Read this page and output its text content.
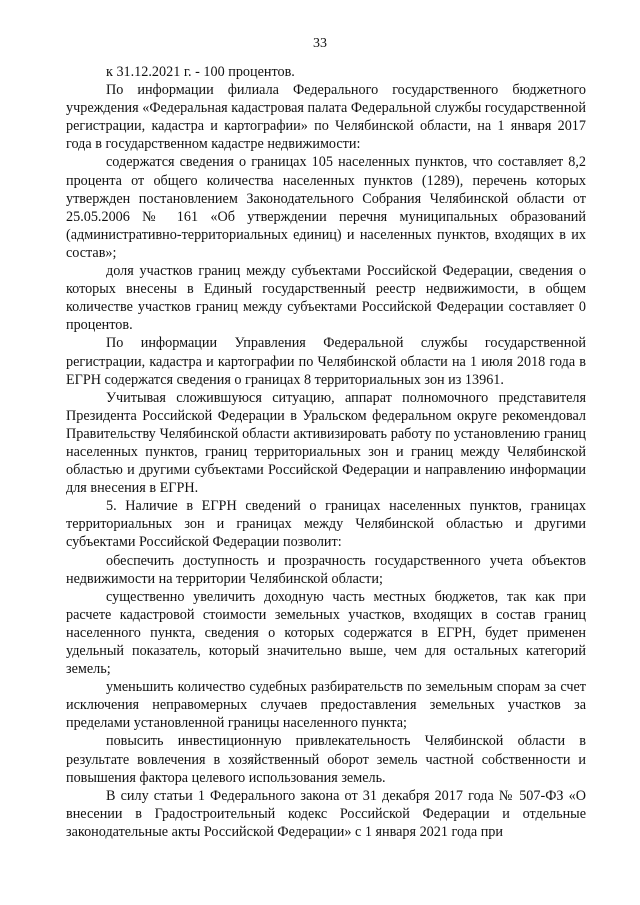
33

к 31.12.2021 г. - 100 процентов.

По информации филиала Федерального государственного бюджетного учреждения «Федеральная кадастровая палата Федеральной службы государственной регистрации, кадастра и картографии» по Челябинской области, на 1 января 2017 года в государственном кадастре недвижимости:

содержатся сведения о границах 105 населенных пунктов, что составляет 8,2 процента от общего количества населенных пунктов (1289), перечень которых утвержден постановлением Законодательного Собрания Челябинской области от 25.05.2006 № 161 «Об утверждении перечня муниципальных образований (административно-территориальных единиц) и населенных пунктов, входящих в их состав»;

доля участков границ между субъектами Российской Федерации, сведения о которых внесены в Единый государственный реестр недвижимости, в общем количестве участков границ между субъектами Российской Федерации составляет 0 процентов.

По информации Управления Федеральной службы государственной регистрации, кадастра и картографии по Челябинской области на 1 июля 2018 года в ЕГРН содержатся сведения о границах 8 территориальных зон из 13961.

Учитывая сложившуюся ситуацию, аппарат полномочного представителя Президента Российской Федерации в Уральском федеральном округе рекомендовал Правительству Челябинской области активизировать работу по установлению границ населенных пунктов, границ территориальных зон и границ между Челябинской областью и другими субъектами Российской Федерации и направлению информации для внесения в ЕГРН.

5. Наличие в ЕГРН сведений о границах населенных пунктов, границах территориальных зон и границах между Челябинской областью и другими субъектами Российской Федерации позволит:

обеспечить доступность и прозрачность государственного учета объектов недвижимости на территории Челябинской области;

существенно увеличить доходную часть местных бюджетов, так как при расчете кадастровой стоимости земельных участков, входящих в состав границ населенного пункта, сведения о которых содержатся в ЕГРН, будет применен удельный показатель, который значительно выше, чем для остальных категорий земель;

уменьшить количество судебных разбирательств по земельным спорам за счет исключения неправомерных случаев предоставления земельных участков за пределами установленной границы населенного пункта;

повысить инвестиционную привлекательность Челябинской области в результате вовлечения в хозяйственный оборот земель частной собственности и повышения фактора целевого использования земель.

В силу статьи 1 Федерального закона от 31 декабря 2017 года № 507-ФЗ «О внесении в Градостроительный кодекс Российской Федерации и отдельные законодательные акты Российской Федерации» с 1 января 2021 года при
